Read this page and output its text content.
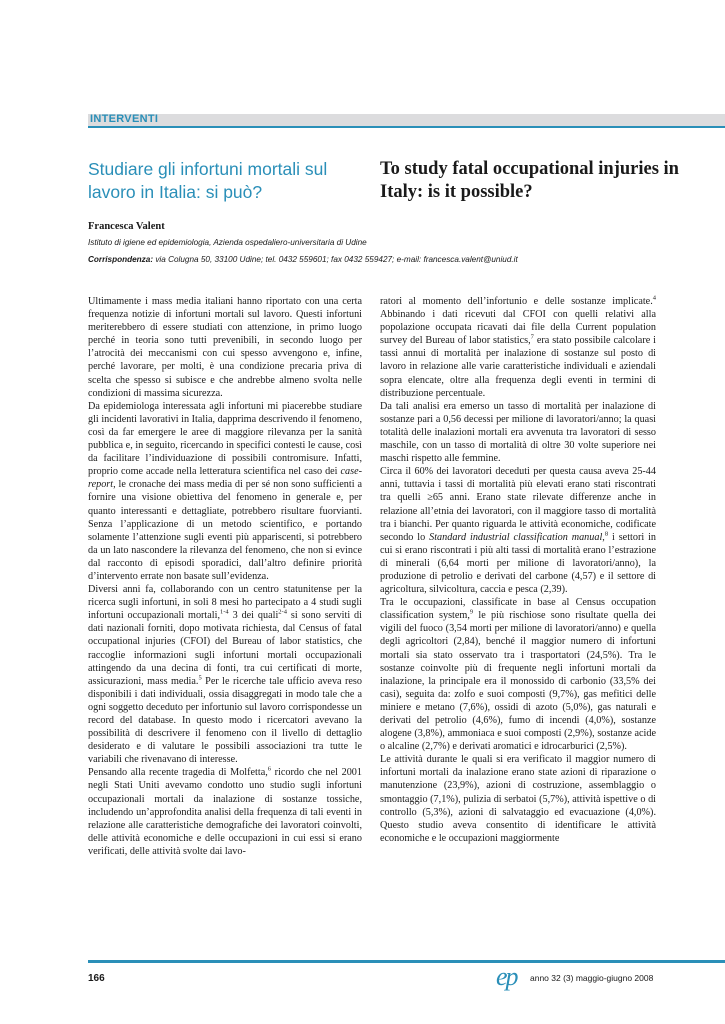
INTERVENTI
Studiare gli infortuni mortali sul lavoro in Italia: si può?
To study fatal occupational injuries in Italy: is it possible?
Francesca Valent
Istituto di igiene ed epidemiologia, Azienda ospedaliero-universitaria di Udine
Corrispondenza: via Colugna 50, 33100 Udine; tel. 0432 559601; fax 0432 559427; e-mail: francesca.valent@uniud.it

Ultimamente i mass media italiani hanno riportato con una certa frequenza notizie di infortuni mortali sul lavoro. Questi infortuni meriterebbero di essere studiati con attenzione, in primo luogo perché in teoria sono tutti prevenibili, in secondo luogo per l’atrocità dei meccanismi con cui spesso avvengono e, infine, perché lavorare, per molti, è una condizione precaria priva di scelta che spesso si subisce e che andrebbe almeno svolta nelle condizioni di massima sicurezza.

Da epidemiologa interessata agli infortuni mi piacerebbe studiare gli incidenti lavorativi in Italia, dapprima descrivendo il fenomeno, così da far emergere le aree di maggiore rilevanza per la sanità pubblica e, in seguito, ricercando in specifici contesti le cause, così da facilitare l’individuazione di possibili contromisure. Infatti, proprio come accade nella letteratura scientifica nel caso dei case-report, le cronache dei mass media di per sé non sono sufficienti a fornire una visione obiettiva del fenomeno in generale e, per quanto interessanti e dettagliate, potrebbero risultare fuorvianti. Senza l’applicazione di un metodo scientifico, e portando solamente l’attenzione sugli eventi più appariscenti, si potrebbero da un lato nascondere la rilevanza del fenomeno, che non si evince dal racconto di episodi sporadici, dall’altro definire priorità d’intervento errate non basate sull’evidenza.

Diversi anni fa, collaborando con un centro statunitense per la ricerca sugli infortuni, in soli 8 mesi ho partecipato a 4 studi sugli infortuni occupazionali mortali,$^{1-4}$ 3 dei quali$^{2-4}$ si sono serviti di dati nazionali forniti, dopo motivata richiesta, dal Census of fatal occupational injuries (CFOI) del Bureau of labor statistics, che raccoglie informazioni sugli infortuni mortali occupazionali attingendo da una decina di fonti, tra cui certificati di morte, assicurazioni, mass media.$^5$ Per le ricerche tale ufficio aveva reso disponibili i dati individuali, ossia disaggregati in modo tale che a ogni soggetto deceduto per infortunio sul lavoro corrispondesse un record del database. In questo modo i ricercatori avevano la possibilità di descrivere il fenomeno con il livello di dettaglio desiderato e di valutare le possibili associazioni tra tutte le variabili che rivenavano di interesse.

Pensando alla recente tragedia di Molfetta,$^6$ ricordo che nel 2001 negli Stati Uniti avevamo condotto uno studio sugli infortuni occupazionali mortali da inalazione di sostanze tossiche, includendo un’approfondita analisi della frequenza di tali eventi in relazione alle caratteristiche demografiche dei lavoratori coinvolti, delle attività economiche e delle occupazioni in cui essi si erano verificati, delle attività svolte dai lavo-

ratori al momento dell’infortunio e delle sostanze implicate.$^4$ Abbinando i dati ricevuti dal CFOI con quelli relativi alla popolazione occupata ricavati dai file della Current population survey del Bureau of labor statistics,$^7$ era stato possibile calcolare i tassi annui di mortalità per inalazione di sostanze sul posto di lavoro in relazione alle varie caratteristiche individuali e aziendali sopra elencate, oltre alla frequenza degli eventi in termini di distribuzione percentuale.

Da tali analisi era emerso un tasso di mortalità per inalazione di sostanze pari a 0,56 decessi per milione di lavoratori/anno; la quasi totalità delle inalazioni mortali era avvenuta tra lavoratori di sesso maschile, con un tasso di mortalità di oltre 30 volte superiore nei maschi rispetto alle femmine.

Circa il 60% dei lavoratori deceduti per questa causa aveva 25-44 anni, tuttavia i tassi di mortalità più elevati erano stati riscontrati tra quelli ≥65 anni. Erano state rilevate differenze anche in relazione all’etnia dei lavoratori, con il maggiore tasso di mortalità tra i bianchi. Per quanto riguarda le attività economiche, codificate secondo lo Standard industrial classification manual,$^8$ i settori in cui si erano riscontrati i più alti tassi di mortalità erano l’estrazione di minerali (6,64 morti per milione di lavoratori/anno), la produzione di petrolio e derivati del carbone (4,57) e il settore di agricoltura, silvicoltura, caccia e pesca (2,39).

Tra le occupazioni, classificate in base al Census occupation classification system,$^9$ le più rischiose sono risultate quella dei vigili del fuoco (3,54 morti per milione di lavoratori/anno) e quella degli agricoltori (2,84), benché il maggior numero di infortuni mortali sia stato osservato tra i trasportatori (24,5%). Tra le sostanze coinvolte più di frequente negli infortuni mortali da inalazione, la principale era il monossido di carbonio (33,5% dei casi), seguita da: zolfo e suoi composti (9,7%), gas mefitici delle miniere e metano (7,6%), ossidi di azoto (5,0%), gas naturali e derivati del petrolio (4,6%), fumo di incendi (4,0%), sostanze alogene (3,8%), ammoniaca e suoi composti (2,9%), sostanze acide o alcaline (2,7%) e derivati aromatici e idrocarburici (2,5%).

Le attività durante le quali si era verificato il maggior numero di infortuni mortali da inalazione erano state azioni di riparazione o manutenzione (23,9%), azioni di costruzione, assemblaggio o smontaggio (7,1%), pulizia di serbatoi (5,7%), attività ispettive o di controllo (5,3%), azioni di salvataggio ed evacuazione (4,0%). Questo studio aveva consentito di identificare le attività economiche e le occupazioni maggiormente

166	ep anno 32 (3) maggio-giugno 2008
